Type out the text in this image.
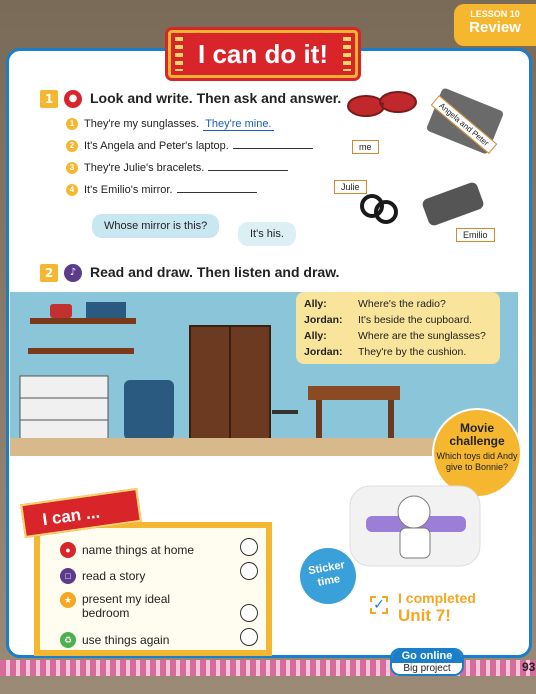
LESSON 10
Review
I can do it!
1	● Look and write. Then ask and answer.
1 They're my sunglasses. They're mine.
2 It's Angela and Peter's laptop.
3 They're Julie's bracelets.
4 It's Emilio's mirror.
Whose mirror is this?
It's his.
me	Angela and Peter
Julie
Emilio
2	♪ Read and draw. Then listen and draw.
Ally:	Where's the radio?
Jordan:	It's beside the cupboard.
Ally:	Where are the sunglasses?
Jordan:	They're by the cushion.
Movie challenge
Which toys did Andy give to Bonnie?
I can ...
● name things at home
□ read a story
★ present my ideal bedroom
♻ use things again
Sticker time
✓ I completed
Unit 7!
Go online
Big project	93
